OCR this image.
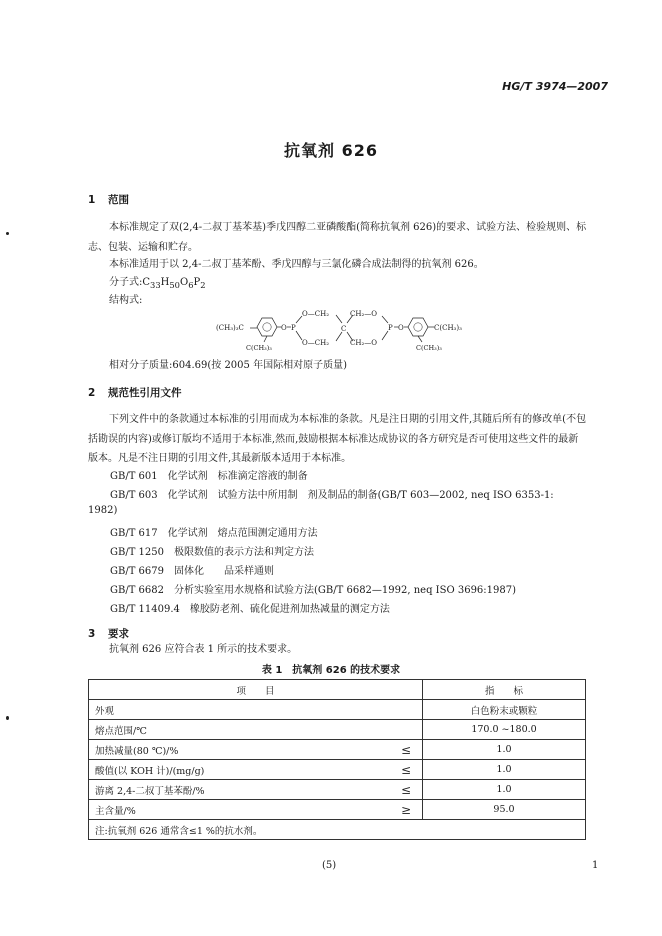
HG/T 3974—2007
抗氧剂 626
1 范围
本标准规定了双(2,4-二叔丁基苯基)季戊四醇二亚磷酸酯(简称抗氧剂 626)的要求、试验方法、检验规则、标志、包装、运输和贮存。
本标准适用于以 2,4-二叔丁基苯酚、季戊四醇与三氯化磷合成法制得的抗氧剂 626。
分子式$:C_{33}H_{50}O_6P_2$
结构式:
(CH₃)₃C	O P
C(CH₃)₃
O—CH₂
O—CH₂
C
CH₂—O
CH₂—O
P O	C(CH₃)₃
C(CH₃)₃
相对分子质量:604.69(按 2005 年国际相对原子质量)
2 规范性引用文件
下列文件中的条款通过本标准的引用而成为本标准的条款。凡是注日期的引用文件,其随后所有的修改单(不包括勘误的内容)或修订版均不适用于本标准,然而,鼓励根据本标准达成协议的各方研究是否可使用这些文件的最新版本。凡是不注日期的引用文件,其最新版本适用于本标准。
GB/T 601 化学试剂　标准滴定溶液的制备
GB/T 603 化学试剂　试验方法中所用制　剂及制品的制备(GB/T 603—2002, neq ISO 6353-1:
1982)
GB/T 617 化学试剂　熔点范围测定通用方法
GB/T 1250 极限数值的表示方法和判定方法
GB/T 6679 固体化　　品采样通则
GB/T 6682 分析实验室用水规格和试验方法(GB/T 6682—1992, neq ISO 3696:1987)
GB/T 11409.4 橡胶防老剂、硫化促进剂加热减量的测定方法
3 要求
抗氧剂 626 应符合表 1 所示的技术要求。
表 1　抗氧剂 626 的技术要求
项　　目		指　　标
外观		白色粉末或颗粒
熔点范围/℃		170.0 ~180.0
加热减量(80 ℃)/%	≤	1.0
酸值(以 KOH 计)/(mg/g)	≤	1.0
游离 2,4-二叔丁基苯酚/%	≤	1.0
主含量/%	≥	95.0
注:抗氧剂 626 通常含≤1 %的抗水剂。		
(5)	1
